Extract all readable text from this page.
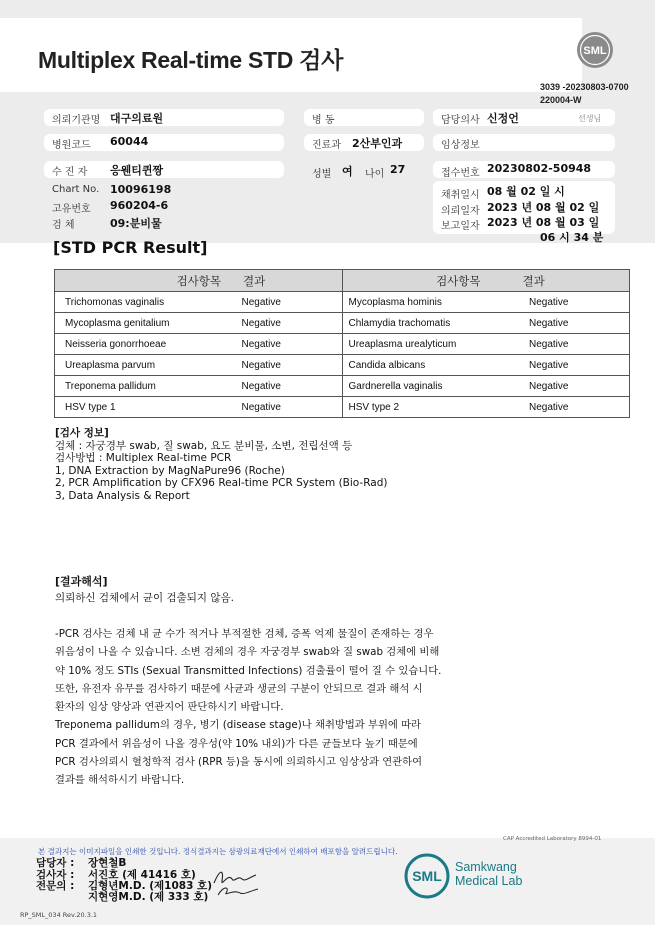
Multiplex Real-time STD 검사	SML
3039 -20230803-0700
220004-W
의뢰기관명 대구의료원	병 동	담당의사 신정언	선생님
병원코드 60044	진료과 2산부인과	임상정보
수 진 자 응웬티퀸짱	성별 여 나이 27	접수번호 20230802-50948
Chart No. 10096198
고유번호 960204-6
검 체	09:분비물
채취일시 08 월 02 일 시
의뢰일자 2023 년 08 월 02 일
보고일자 2023 년 08 월 03 일
06 시 34 분
[STD PCR Result]
검사항목 결과	검사항목 결과

Trichomonas vaginalis Negative	Mycoplasma hominis Negative

Mycoplasma genitalium Negative	Chlamydia trachomatis Negative

Neisseria gonorrhoeae Negative	Ureaplasma urealyticum Negative

Ureaplasma parvum Negative	Candida albicans Negative

Treponema pallidum Negative	Gardnerella vaginalis Negative

HSV type 1 Negative	HSV type 2 Negative
[검사 정보]
검체 : 자궁경부 swab, 질 swab, 요도 분비물, 소변, 전립선액 등
검사방법 : Multiplex Real-time PCR
1, DNA Extraction by MagNaPure96 (Roche)
2, PCR Amplification by CFX96 Real-time PCR System (Bio-Rad)
3, Data Analysis & Report
[결과해석]
의뢰하신 검체에서 균이 검출되지 않음.
-PCR 검사는 검체 내 균 수가 적거나 부적절한 검체, 증폭 억제 물질이 존재하는 경우
위음성이 나올 수 있습니다. 소변 검체의 경우 자궁경부 swab와 질 swab 검체에 비해
약 10% 정도 STIs (Sexual Transmitted Infections) 검출률이 떨어 질 수 있습니다.
또한, 유전자 유무를 검사하기 때문에 사균과 생균의 구분이 안되므로 결과 해석 시
환자의 임상 양상과 연관지어 판단하시기 바랍니다.
Treponema pallidum의 경우, 병기 (disease stage)나 채취방법과 부위에 따라
PCR 결과에서 위음성이 나올 경우성(약 10% 내외)가 다른 균들보다 높기 때문에
PCR 검사의뢰시 혈청학적 검사 (RPR 등)을 동시에 의뢰하시고 임상상과 연관하여
결과를 해석하시기 바랍니다.
CAP Accredited Laboratory 8994-01
본 결과지는 이미지파일을 인쇄한 것입니다. 정식결과지는 삼광의료재단에서 인쇄하여 배포함을 알려드립니다.
담당자 : 장현철B
검사자 : 서진호 (제 41416 호)
전문의 : 김형년M.D. (제1083 호)
지현영M.D. (제 333 호)
SML
Samkwang
Medical Lab
RP_SML_034 Rev.20.3.1
